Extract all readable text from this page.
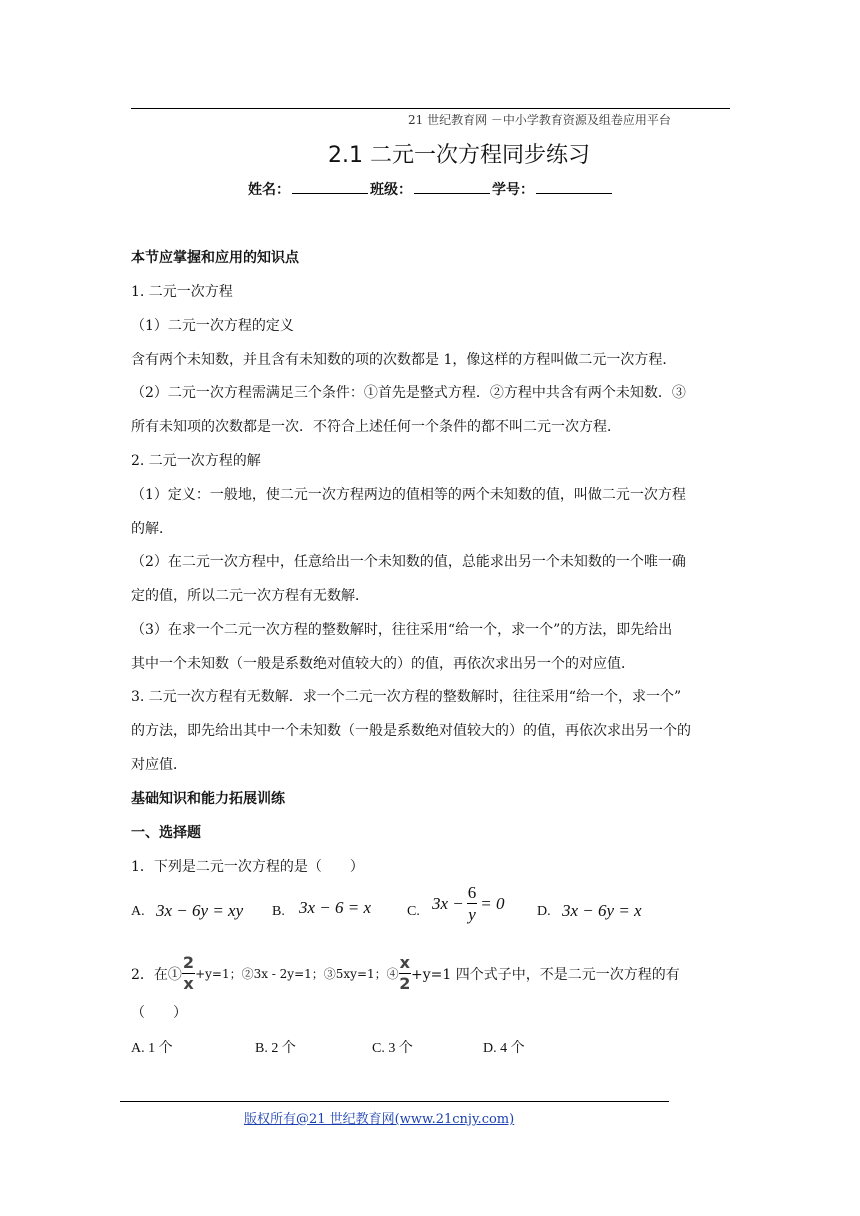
21 世纪教育网 －中小学教育资源及组卷应用平台
2.1 二元一次方程同步练习
姓名：	班级：	学号：
本节应掌握和应用的知识点
1. 二元一次方程
（1）二元一次方程的定义
含有两个未知数，并且含有未知数的项的次数都是 1，像这样的方程叫做二元一次方程．
（2）二元一次方程需满足三个条件：①首先是整式方程．②方程中共含有两个未知数．③
所有未知项的次数都是一次．不符合上述任何一个条件的都不叫二元一次方程．
2. 二元一次方程的解
（1）定义：一般地，使二元一次方程两边的值相等的两个未知数的值，叫做二元一次方程
的解．
（2）在二元一次方程中，任意给出一个未知数的值，总能求出另一个未知数的一个唯一确
定的值，所以二元一次方程有无数解．
（3）在求一个二元一次方程的整数解时，往往采用“给一个，求一个”的方法，即先给出
其中一个未知数（一般是系数绝对值较大的）的值，再依次求出另一个的对应值．
3. 二元一次方程有无数解．求一个二元一次方程的整数解时，往往采用“给一个，求一个”
的方法，即先给出其中一个未知数（一般是系数绝对值较大的）的值，再依次求出另一个的
对应值．
基础知识和能力拓展训练
一、选择题
1．下列是二元一次方程的是（　　）
A. 3x − 6y = xy B. 3x − 6 = x	C. $3x - \frac{6}{y} = 0$ D. 3x − 6y = x
2．在① $\frac{2}{x} +y=1$；②3x - 2y=1；③5xy=1；④ $\frac{x}{2} +y=1$ 四个式子中，不是二元一次方程的有
（　　）
A. 1 个	B. 2 个	C. 3 个	D. 4 个
版权所有@21 世纪教育网(www.21cnjy.com)
